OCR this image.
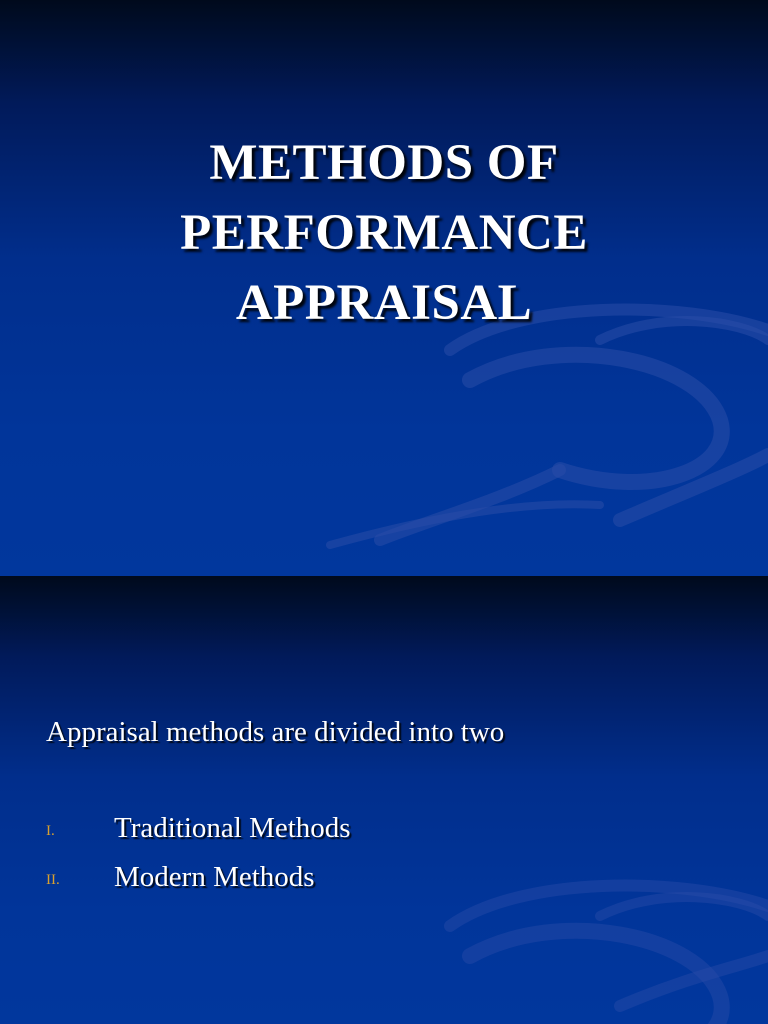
METHODS OF
PERFORMANCE
APPRAISAL
Appraisal methods are divided into two
I. Traditional Methods
II. Modern Methods
